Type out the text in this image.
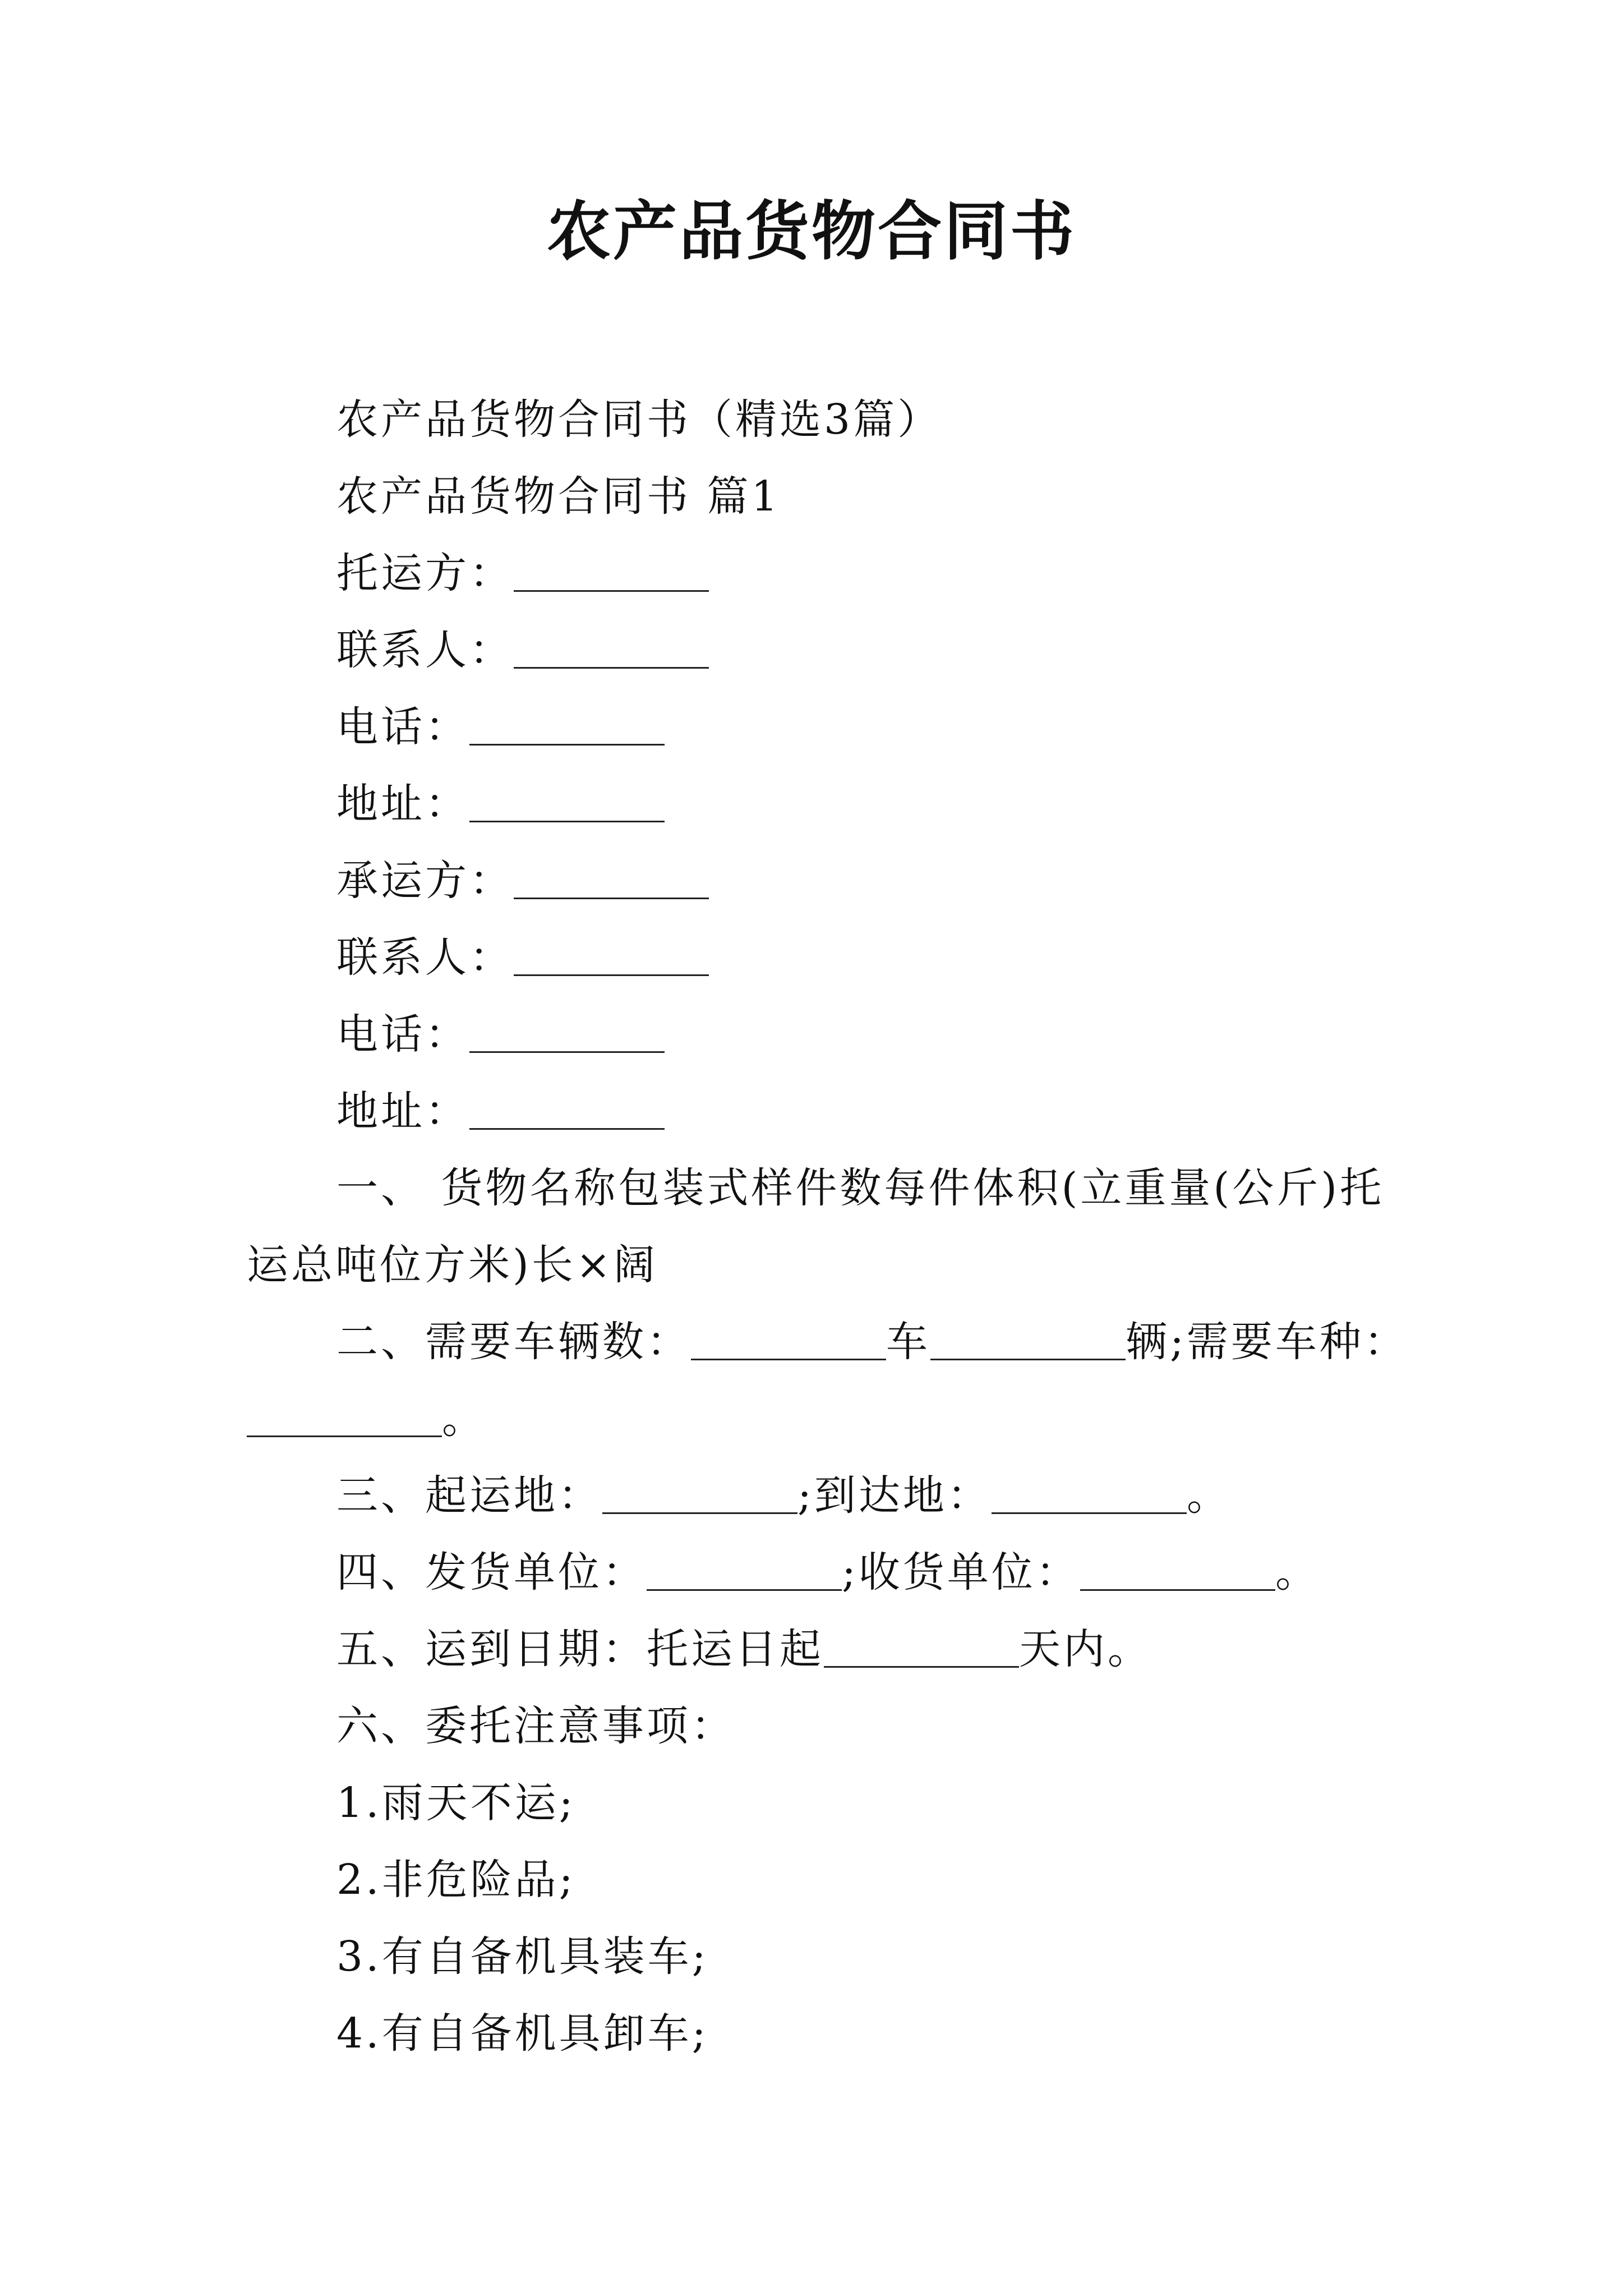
农产品货物合同书
农产品货物合同书（精选3篇）
农产品货物合同书 篇1
托运方：
联系人：
电话：
地址：
承运方：
联系人：
电话：
地址：
一、 货物名称包装式样件数每件体积(立重量(公斤)托
运总吨位方米)长×阔
二、需要车辆数：	车	辆;需要车种：
。
三、起运地：	;到达地：	。
四、发货单位：	;收货单位：	。
五、运到日期：托运日起	天内。
六、委托注意事项：
1.雨天不运;
2.非危险品;
3.有自备机具装车;
4.有自备机具卸车;
